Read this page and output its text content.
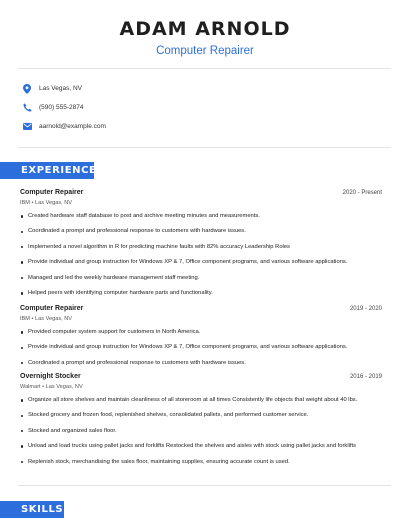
ADAM ARNOLD
Computer Repairer
Las Vegas, NV
(590) 555-2874
aarnold@example.com
EXPERIENCE
Computer Repairer	2020 - Present
IBM • Las Vegas, NV
Created hardware staff database to post and archive meeting minutes and measurements.
Coordinated a prompt and professional response to customers with hardware issues.
Implemented a novel algorithm in R for predicting machine faults with 82% accuracy Leadership Roles
Provide individual and group instruction for Windows XP & 7, Office component programs, and various software applications.
Managed and led the weekly hardware management staff meeting.
Helped peers with identifying computer hardware parts and functionality.
Computer Repairer	2019 - 2020
IBM • Las Vegas, NV
Provided computer system support for customers in North America.
Provide individual and group instruction for Windows XP & 7, Office component programs, and various software applications.
Coordinated a prompt and professional response to customers with hardware issues.
Overnight Stocker	2016 - 2019
Walmart • Las Vegas, NV
Organize all store shelves and maintain cleanliness of all storeroom at all times Consistently life objects that weight about 40 lbs.
Stocked grocery and frozen food, replenished shelves, consolidated pallets, and performed customer service.
Stocked and organized sales floor.
Unload and load trucks using pallet jacks and forklifts Restocked the shelves and aisles with stock using pallet jacks and forklifts
Replenish stock, merchandising the sales floor, maintaining supplies, ensuring accurate count is used.
SKILLS
